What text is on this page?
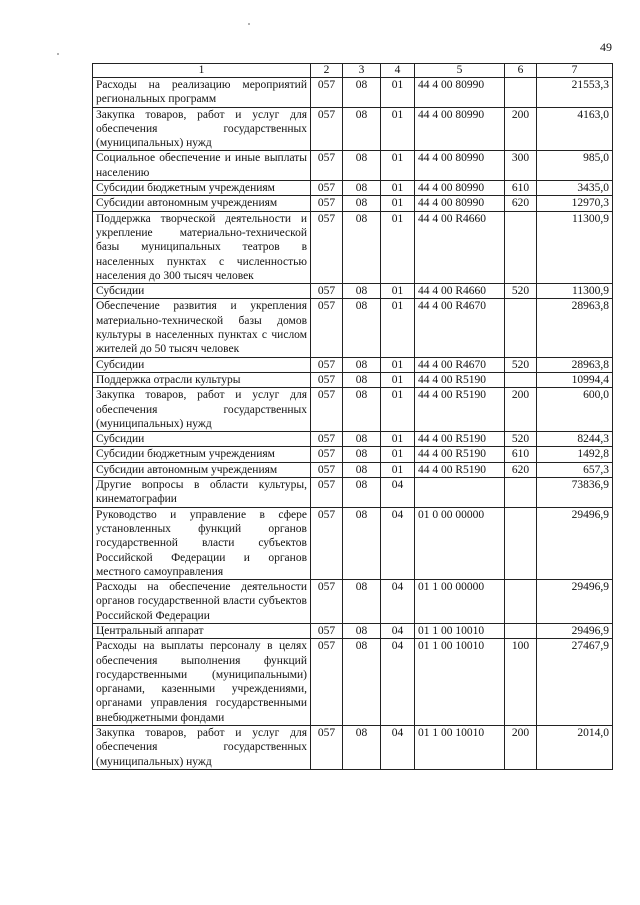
49
1	2	3	4	5	6	7
Расходы на реализацию мероприятий региональных программ	057	08	01	44 4 00 80990		21553,3
Закупка товаров, работ и услуг для обеспечения государственных (муниципальных) нужд	057	08	01	44 4 00 80990	200	4163,0
Социальное обеспечение и иные выплаты населению	057	08	01	44 4 00 80990	300	985,0
Субсидии бюджетным учреждениям	057	08	01	44 4 00 80990	610	3435,0
Субсидии автономным учреждениям	057	08	01	44 4 00 80990	620	12970,3
Поддержка творческой деятельности и укрепление материально-технической базы муниципальных театров в населенных пунктах с численностью населения до 300 тысяч человек	057	08	01	44 4 00 R4660		11300,9
Субсидии	057	08	01	44 4 00 R4660	520	11300,9
Обеспечение развития и укрепления материально-технической базы домов культуры в населенных пунктах с числом жителей до 50 тысяч человек	057	08	01	44 4 00 R4670		28963,8
Субсидии	057	08	01	44 4 00 R4670	520	28963,8
Поддержка отрасли культуры	057	08	01	44 4 00 R5190		10994,4
Закупка товаров, работ и услуг для обеспечения государственных (муниципальных) нужд	057	08	01	44 4 00 R5190	200	600,0
Субсидии	057	08	01	44 4 00 R5190	520	8244,3
Субсидии бюджетным учреждениям	057	08	01	44 4 00 R5190	610	1492,8
Субсидии автономным учреждениям	057	08	01	44 4 00 R5190	620	657,3
Другие вопросы в области культуры, кинематографии	057	08	04			73836,9
Руководство и управление в сфере установленных функций органов государственной власти субъектов Российской Федерации и органов местного самоуправления	057	08	04	01 0 00 00000		29496,9
Расходы на обеспечение деятельности органов государственной власти субъектов Российской Федерации	057	08	04	01 1 00 00000		29496,9
Центральный аппарат	057	08	04	01 1 00 10010		29496,9
Расходы на выплаты персоналу в целях обеспечения выполнения функций государственными (муниципальными) органами, казенными учреждениями, органами управления государственными внебюджетными фондами	057	08	04	01 1 00 10010	100	27467,9
Закупка товаров, работ и услуг для обеспечения государственных (муниципальных) нужд	057	08	04	01 1 00 10010	200	2014,0
